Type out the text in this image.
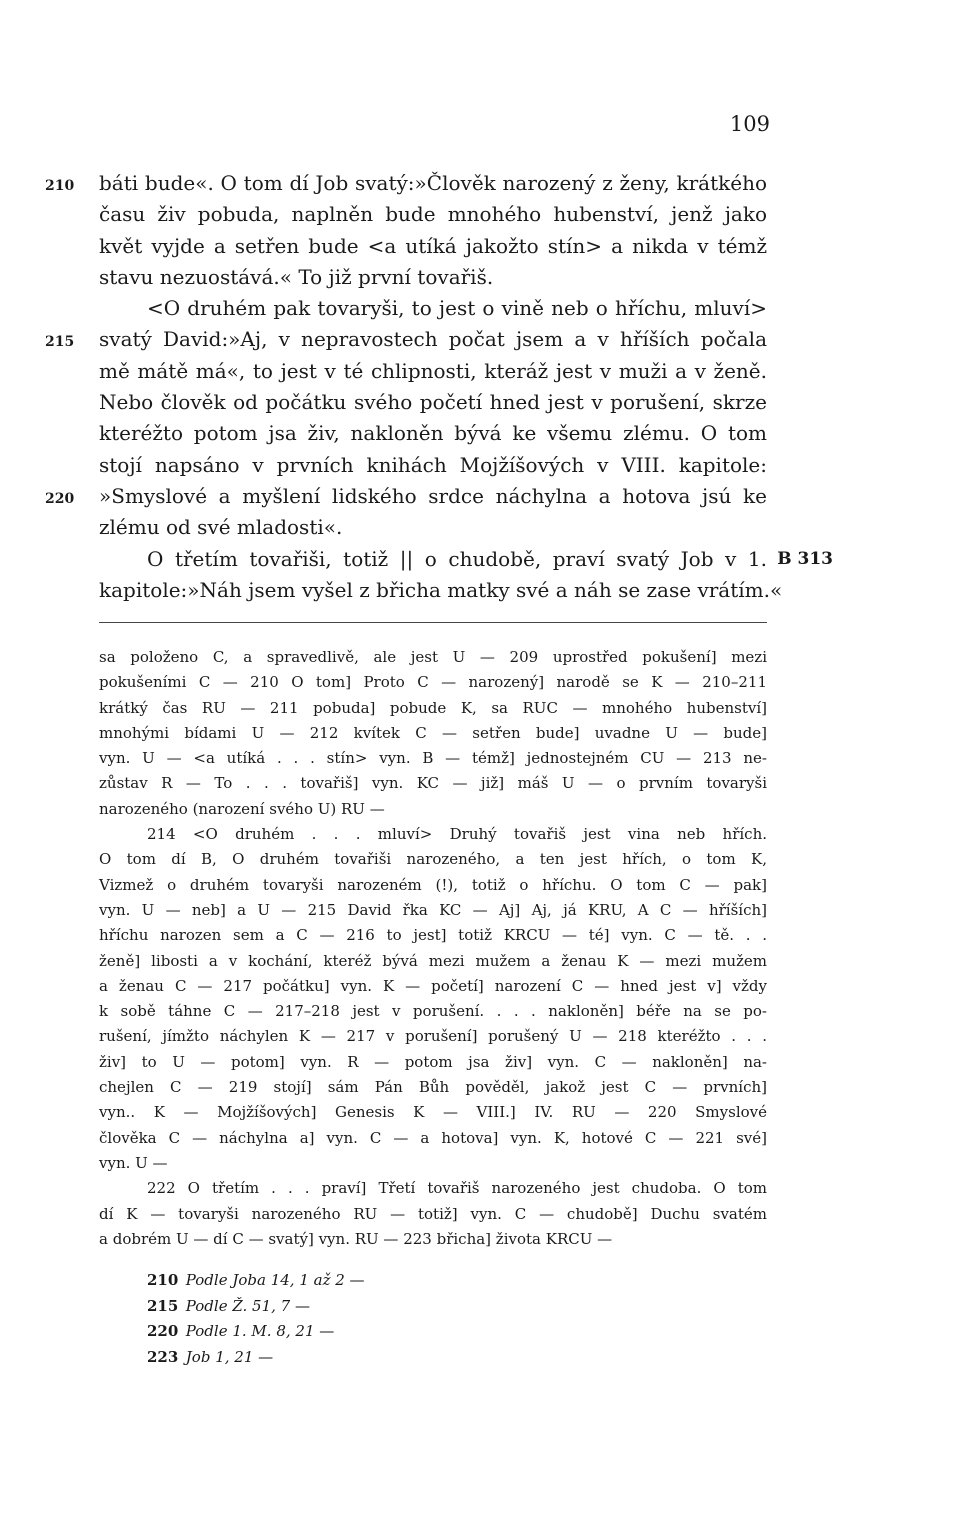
109
210	báti bude«. O tom dí Job svatý:»Člověk narozený z ženy, krátkého
času živ pobuda, naplněn bude mnohého hubenství, jenž jako
květ vyjde a setřen bude <a utíká jakožto stín> a nikda v témž
stavu nezuostává.« To již první tovařiš.
<O druhém pak tovaryši, to jest o vině neb o hříchu, mluví>
215	svatý David:»Aj, v nepravostech počat jsem a v hříších počala
mě mátě má«, to jest v té chlipnosti, kteráž jest v muži a v ženě.
Nebo člověk od počátku svého početí hned jest v porušení, skrze
kteréžto potom jsa živ, nakloněn bývá ke všemu zlému. O tom
stojí napsáno v prvních knihách Mojžíšových v VIII. kapitole:
220	»Smyslové a myšlení lidského srdce náchylna a hotova jsú ke
zlému od své mladosti«.
O třetím tovařiši, totiž || o chudobě, praví svatý Job v 1. B 313
kapitole:»Náh jsem vyšel z břicha matky své a náh se zase vrátím.«
sa položeno C, a spravedlivě, ale jest U — 209 uprostřed pokušení] mezi
pokušeními C — 210 O tom] Proto C — narozený] narodě se K — 210–211
krátký čas RU — 211 pobuda] pobude K, sa RUC — mnohého hubenství]
mnohými bídami U — 212 kvítek C — setřen bude] uvadne U — bude]
vyn. U — <a utíká . . . stín> vyn. B — témž] jednostejném CU — 213 ne-
zůstav R — To . . . tovařiš] vyn. KC — již] máš U — o prvním tovaryši
narozeného (narození svého U) RU —
214 <O druhém . . . mluví> Druhý tovařiš jest vina neb hřích.
O tom dí B, O druhém tovařiši narozeného, a ten jest hřích, o tom K,
Vizmež o druhém tovaryši narozeném (!), totiž o hříchu. O tom C — pak]
vyn. U — neb] a U — 215 David řka KC — Aj] Aj, já KRU, A C — hříších]
hříchu narozen sem a C — 216 to jest] totiž KRCU — té] vyn. C — tě. . .
ženě] libosti a v kochání, kteréž bývá mezi mužem a ženau K — mezi mužem
a ženau C — 217 počátku] vyn. K — početí] narození C — hned jest v] vždy
k sobě táhne C — 217–218 jest v porušení. . . . nakloněn] béře na se po-
rušení, jímžto náchylen K — 217 v porušení] porušený U — 218 kteréžto . . .
živ] to U — potom] vyn. R — potom jsa živ] vyn. C — nakloněn] na-
chejlen C — 219 stojí] sám Pán Bůh pověděl, jakož jest C — prvních]
vyn.. K — Mojžíšových] Genesis K — VIII.] IV. RU — 220 Smyslové
člověka C — náchylna a] vyn. C — a hotova] vyn. K, hotové C — 221 své]
vyn. U —
222 O třetím . . . praví] Třetí tovařiš narozeného jest chudoba. O tom
dí K — tovaryši narozeného RU — totiž] vyn. C — chudobě] Duchu svatém
a dobrém U — dí C — svatý] vyn. RU — 223 břicha] života KRCU —
210 Podle Joba 14, 1 až 2 —
215 Podle Ž. 51, 7 —
220 Podle 1. M. 8, 21 —
223 Job 1, 21 —
